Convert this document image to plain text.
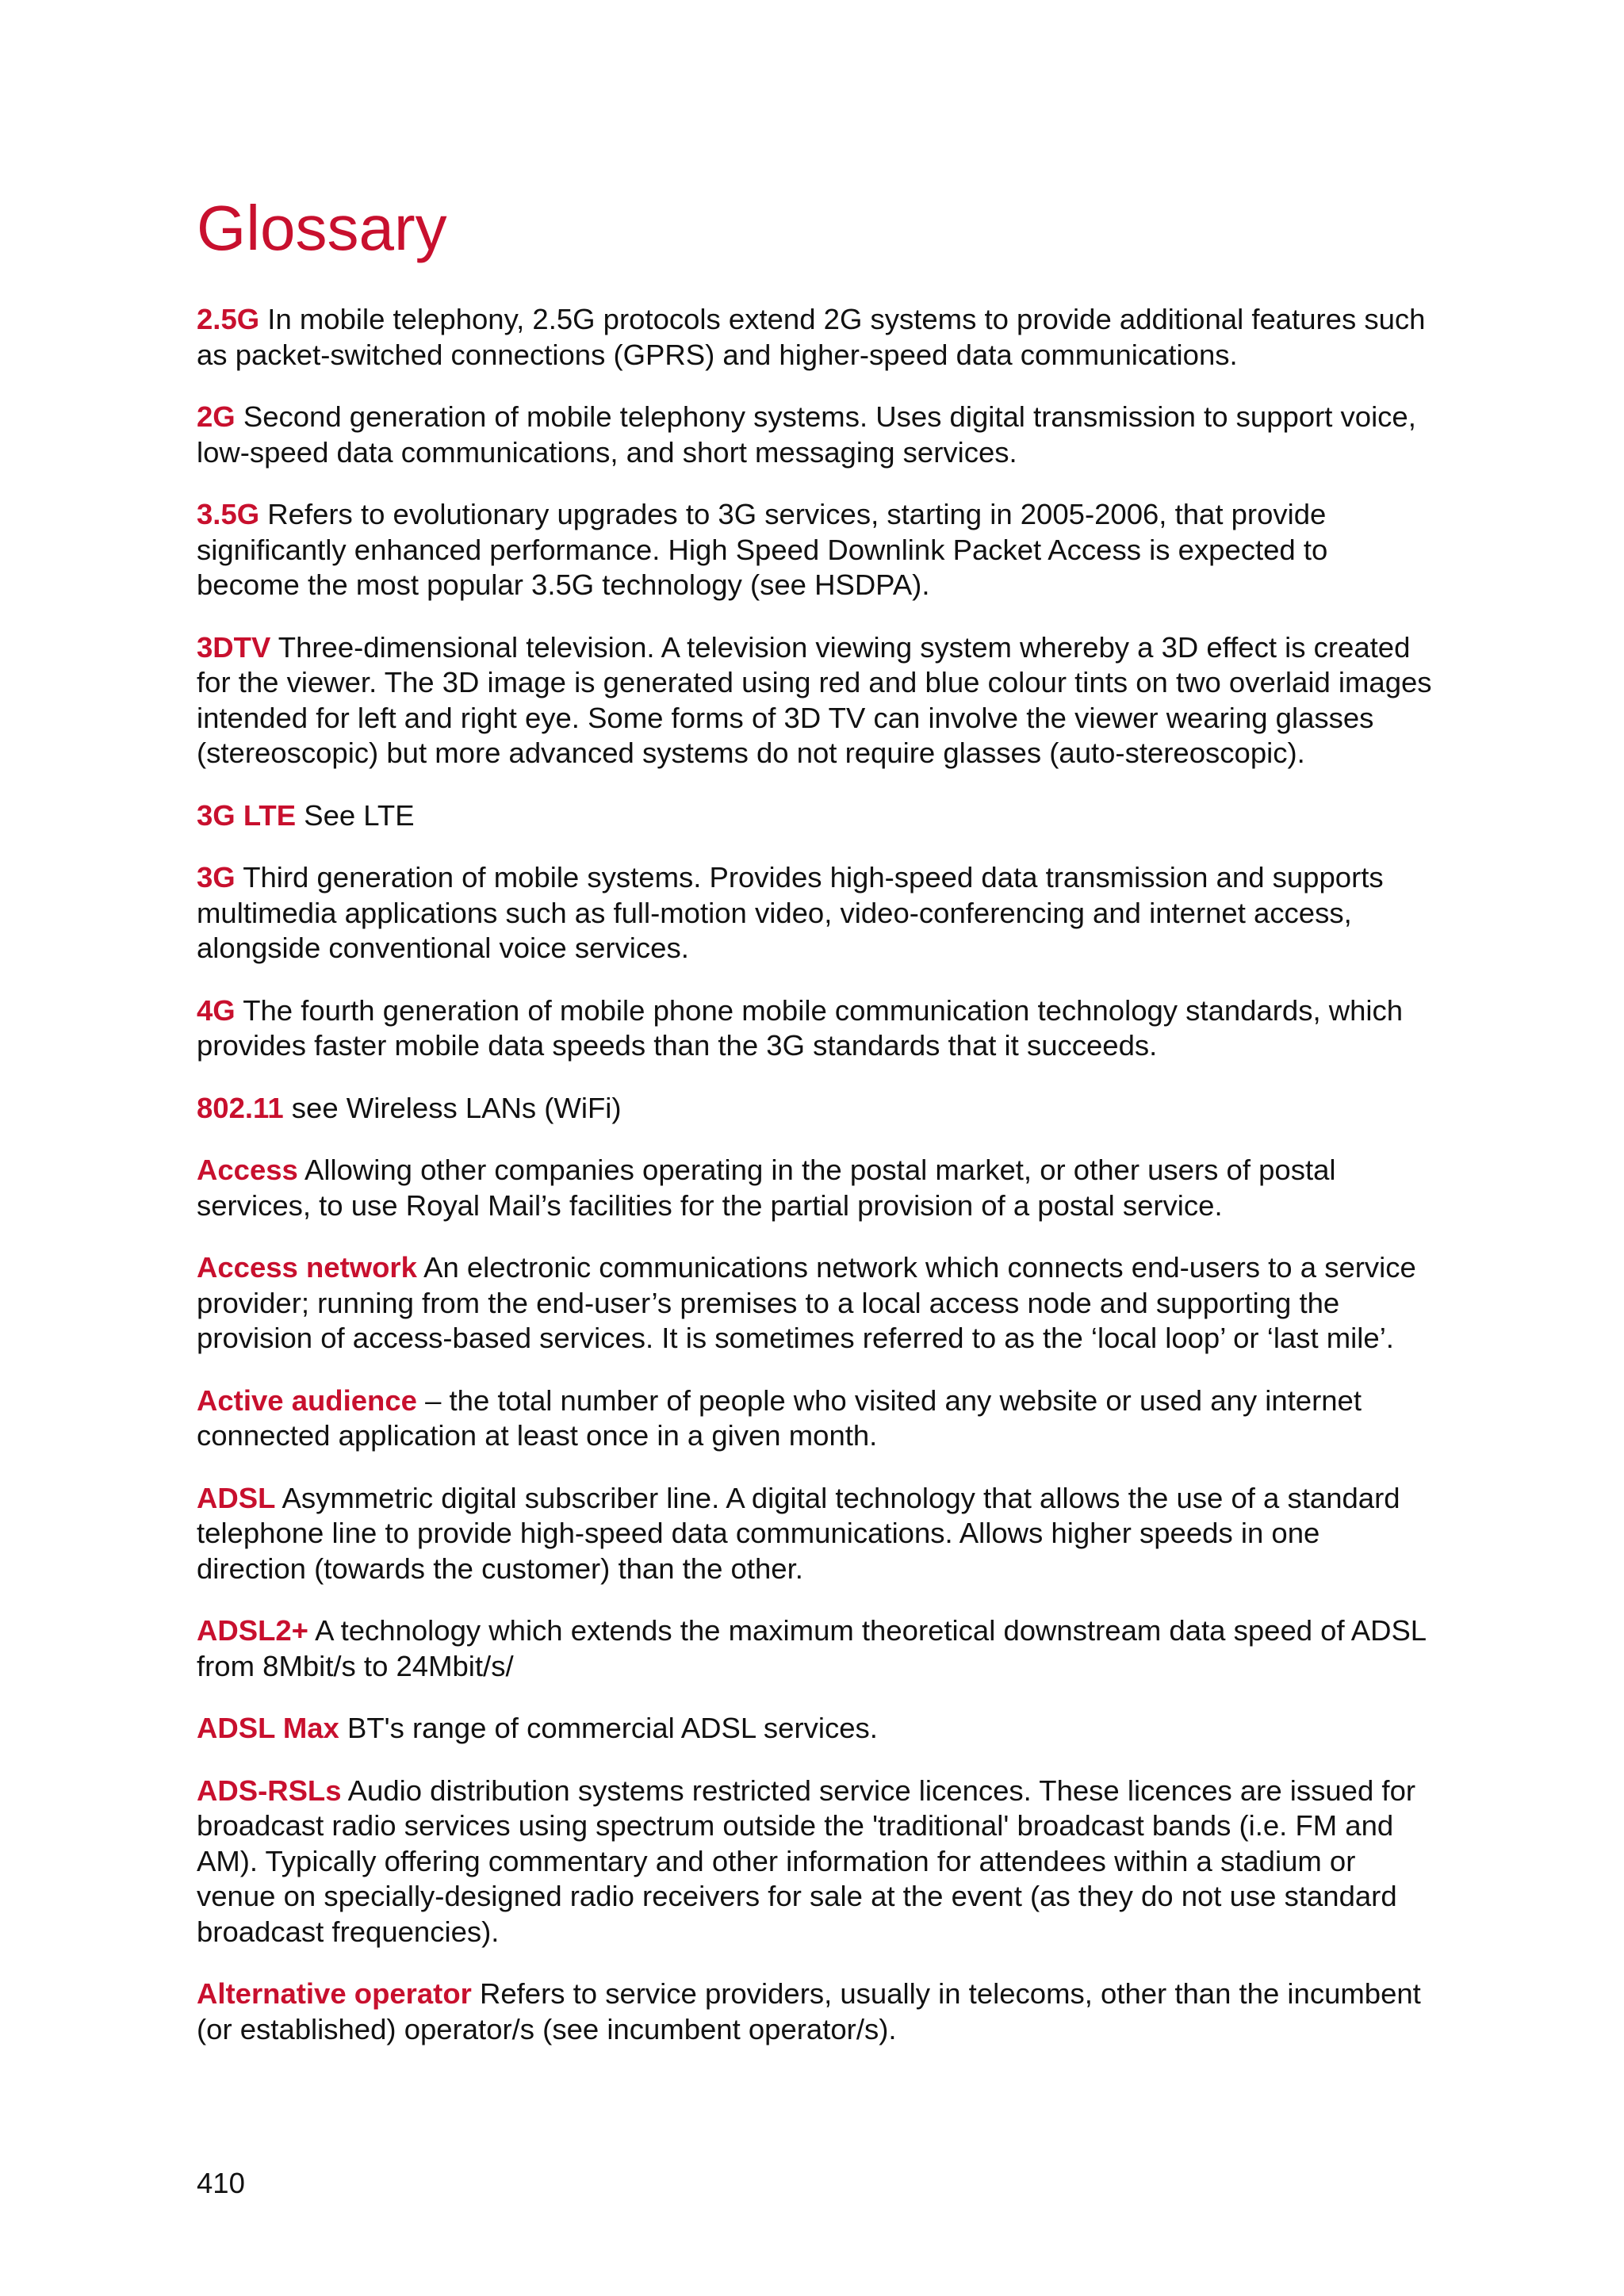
Glossary

2.5G In mobile telephony, 2.5G protocols extend 2G systems to provide additional features such as packet-switched connections (GPRS) and higher-speed data communications.

2G Second generation of mobile telephony systems. Uses digital transmission to support voice, low-speed data communications, and short messaging services.

3.5G Refers to evolutionary upgrades to 3G services, starting in 2005-2006, that provide significantly enhanced performance. High Speed Downlink Packet Access is expected to become the most popular 3.5G technology (see HSDPA).

3DTV Three-dimensional television. A television viewing system whereby a 3D effect is created for the viewer. The 3D image is generated using red and blue colour tints on two overlaid images intended for left and right eye. Some forms of 3D TV can involve the viewer wearing glasses (stereoscopic) but more advanced systems do not require glasses (auto-stereoscopic).

3G LTE See LTE

3G Third generation of mobile systems. Provides high-speed data transmission and supports multimedia applications such as full-motion video, video-conferencing and internet access, alongside conventional voice services.

4G The fourth generation of mobile phone mobile communication technology standards, which provides faster mobile data speeds than the 3G standards that it succeeds.

802.11 see Wireless LANs (WiFi)

Access Allowing other companies operating in the postal market, or other users of postal services, to use Royal Mail’s facilities for the partial provision of a postal service.

Access network An electronic communications network which connects end-users to a service provider; running from the end-user’s premises to a local access node and supporting the provision of access-based services. It is sometimes referred to as the ‘local loop’ or ‘last mile’.

Active audience – the total number of people who visited any website or used any internet connected application at least once in a given month.

ADSL Asymmetric digital subscriber line. A digital technology that allows the use of a standard telephone line to provide high-speed data communications. Allows higher speeds in one direction (towards the customer) than the other.

ADSL2+ A technology which extends the maximum theoretical downstream data speed of ADSL from 8Mbit/s to 24Mbit/s/

ADSL Max BT's range of commercial ADSL services.

ADS-RSLs Audio distribution systems restricted service licences. These licences are issued for broadcast radio services using spectrum outside the 'traditional' broadcast bands (i.e. FM and AM). Typically offering commentary and other information for attendees within a stadium or venue on specially-designed radio receivers for sale at the event (as they do not use standard broadcast frequencies).

Alternative operator Refers to service providers, usually in telecoms, other than the incumbent (or established) operator/s (see incumbent operator/s).

410
